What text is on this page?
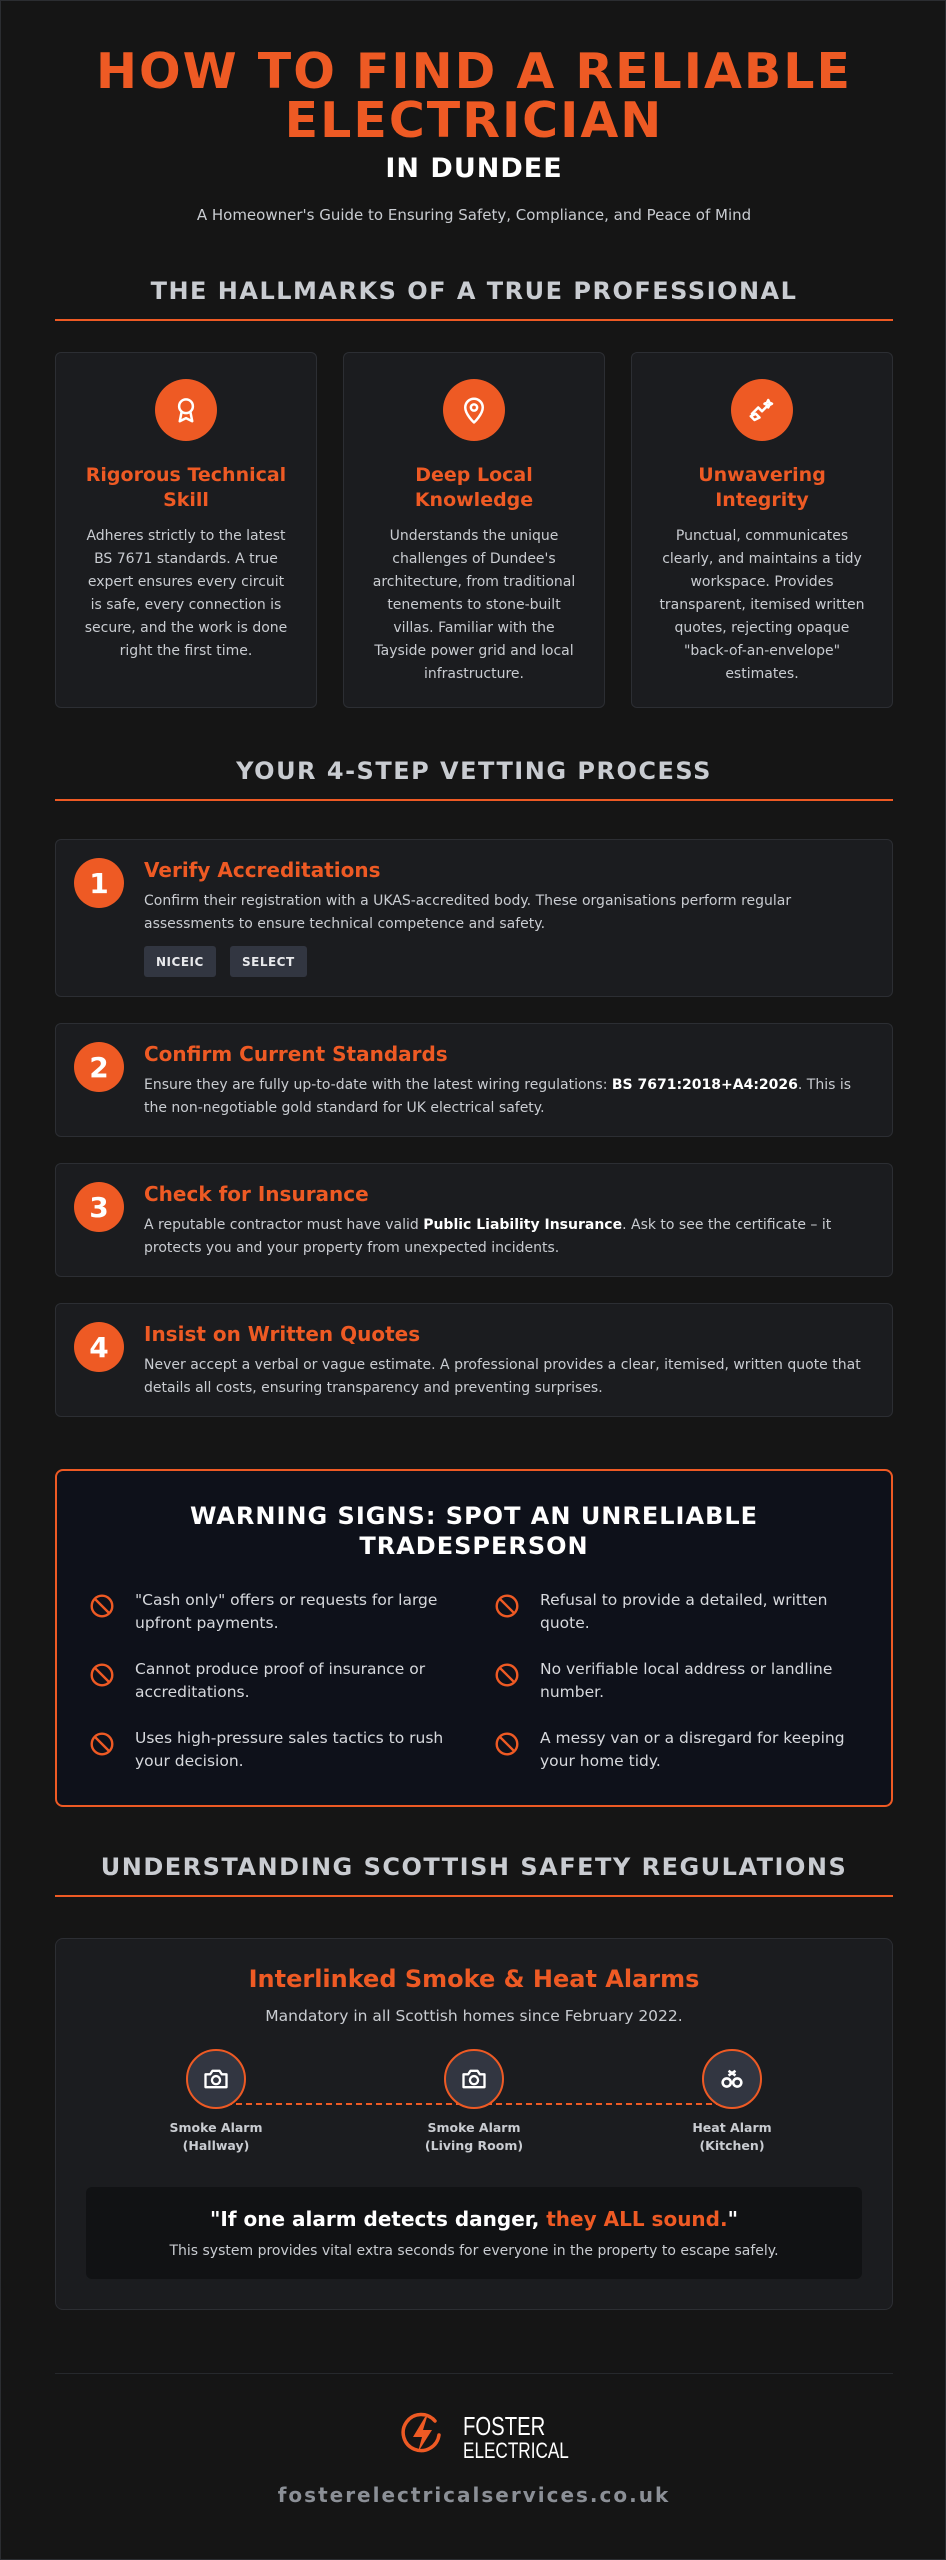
HOW TO FIND A RELIABLE ELECTRICIAN
IN DUNDEE
A Homeowner's Guide to Ensuring Safety, Compliance, and Peace of Mind
THE HALLMARKS OF A TRUE PROFESSIONAL
Rigorous Technical Skill
Adheres strictly to the latest BS 7671 standards. A true expert ensures every circuit is safe, every connection is secure, and the work is done right the first time.
Deep Local Knowledge
Understands the unique challenges of Dundee's architecture, from traditional tenements to stone-built villas. Familiar with the Tayside power grid and local infrastructure.
Unwavering Integrity
Punctual, communicates clearly, and maintains a tidy workspace. Provides transparent, itemised written quotes, rejecting opaque "back-of-an-envelope" estimates.
YOUR 4-STEP VETTING PROCESS
1	Verify Accreditations
Confirm their registration with a UKAS-accredited body. These organisations perform regular assessments to ensure technical competence and safety.
NICEIC	SELECT
2	Confirm Current Standards
Ensure they are fully up-to-date with the latest wiring regulations: BS 7671:2018+A4:2026. This is the non-negotiable gold standard for UK electrical safety.
3	Check for Insurance
A reputable contractor must have valid Public Liability Insurance. Ask to see the certificate – it protects you and your property from unexpected incidents.
4	Insist on Written Quotes
Never accept a verbal or vague estimate. A professional provides a clear, itemised, written quote that details all costs, ensuring transparency and preventing surprises.
WARNING SIGNS: SPOT AN UNRELIABLE TRADESPERSON
"Cash only" offers or requests for large upfront payments.
Refusal to provide a detailed, written quote.
Cannot produce proof of insurance or accreditations.
No verifiable local address or landline number.
Uses high-pressure sales tactics to rush your decision.
A messy van or a disregard for keeping your home tidy.
UNDERSTANDING SCOTTISH SAFETY REGULATIONS
Interlinked Smoke & Heat Alarms
Mandatory in all Scottish homes since February 2022.
Smoke Alarm
(Hallway)
Smoke Alarm
(Living Room)
Heat Alarm
(Kitchen)
"If one alarm detects danger, they ALL sound."
This system provides vital extra seconds for everyone in the property to escape safely.
FOSTER
ELECTRICAL
fosterelectricalservices.co.uk
